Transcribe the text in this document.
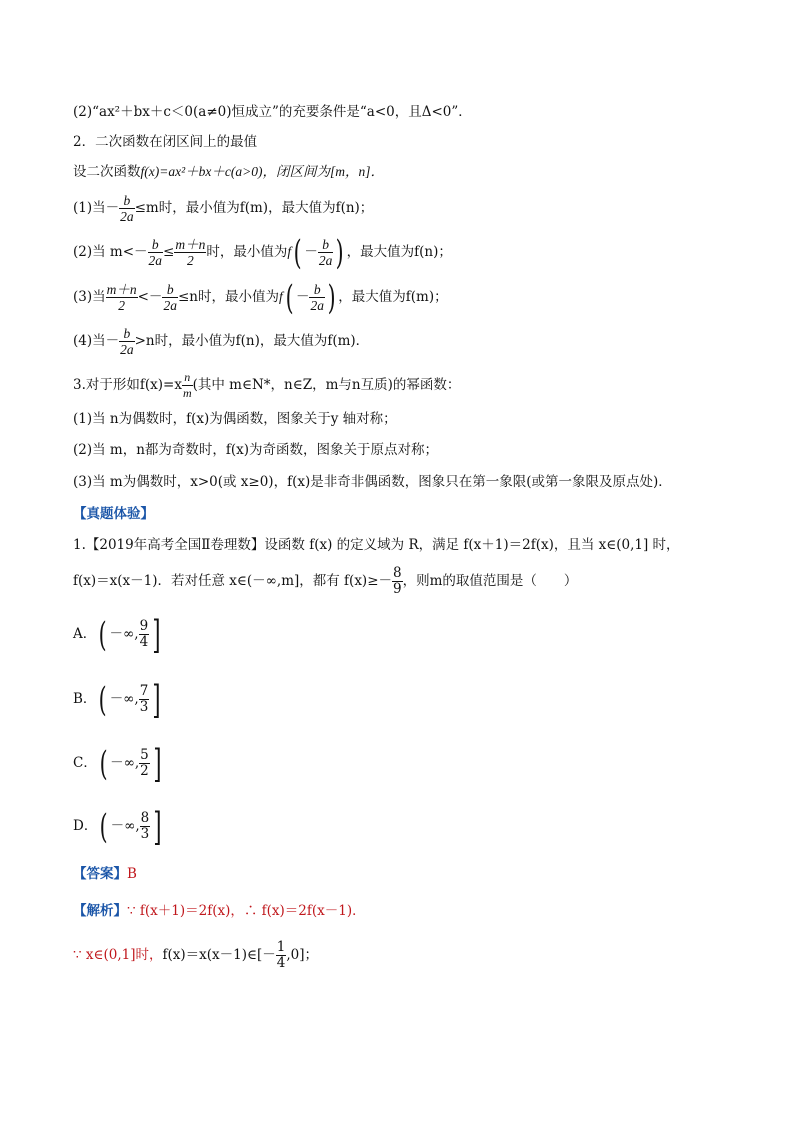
(2)“ax²＋bx＋c＜0(a≠0)恒成立”的充要条件是“a<0，且Δ<0”．
2．二次函数在闭区间上的最值
设二次函数f(x)=ax²＋bx＋c(a>0)，闭区间为[m，n]．
(1)当－ $\frac{b}{2a} \le m$时，最小值为f(m)，最大值为f(n)；
(2)当 $m<- \frac{b}{2a} \le \frac{m+n}{2}$ 时，最小值为$f( - \frac{b}{2a}$ ) ，最大值为f(n)；
(3)当 $\frac{m+n}{2} <- \frac{b}{2a} \le n$时，最小值为$f( - \frac{b}{2a}$ ) ，最大值为f(m)；
(4)当－ $\frac{b}{2a} >n$时，最小值为f(n)，最大值为f(m)．
3.对于形如$f(x)=x \frac{n}{m}$ (其中 m∈N*，n∈Z，m与n互质)的幂函数：
(1)当 n为偶数时，f(x)为偶函数，图象关于y 轴对称；
(2)当 m，n都为奇数时，f(x)为奇函数，图象关于原点对称；
(3)当 m为偶数时，x>0(或 x≥0)，f(x)是非奇非偶函数，图象只在第一象限(或第一象限及原点处)．
【真题体验】
1.【2019年高考全国Ⅱ卷理数】设函数 f(x) 的定义域为 R，满足 f(x＋1)＝2f(x)，且当 x∈(0,1] 时，
f(x)＝x(x－1)．若对任意 x∈(－∞,m]，都有 $f(x)\ge- \frac{8}{9}$ ，则m的取值范围是（　　）
A．( －∞, $\frac{9}{4}$ ]
B．( －∞, $\frac{7}{3}$ ]
C．( －∞, $\frac{5}{2}$ ]
D．( －∞, $\frac{8}{3}$ ]
【答案】B
【解析】∵ f(x＋1)＝2f(x)，∴ f(x)＝2f(x－1)．
∵ x∈(0,1]时，f(x)＝x(x－1)∈[－ $\frac{1}{4} ,0$]；
